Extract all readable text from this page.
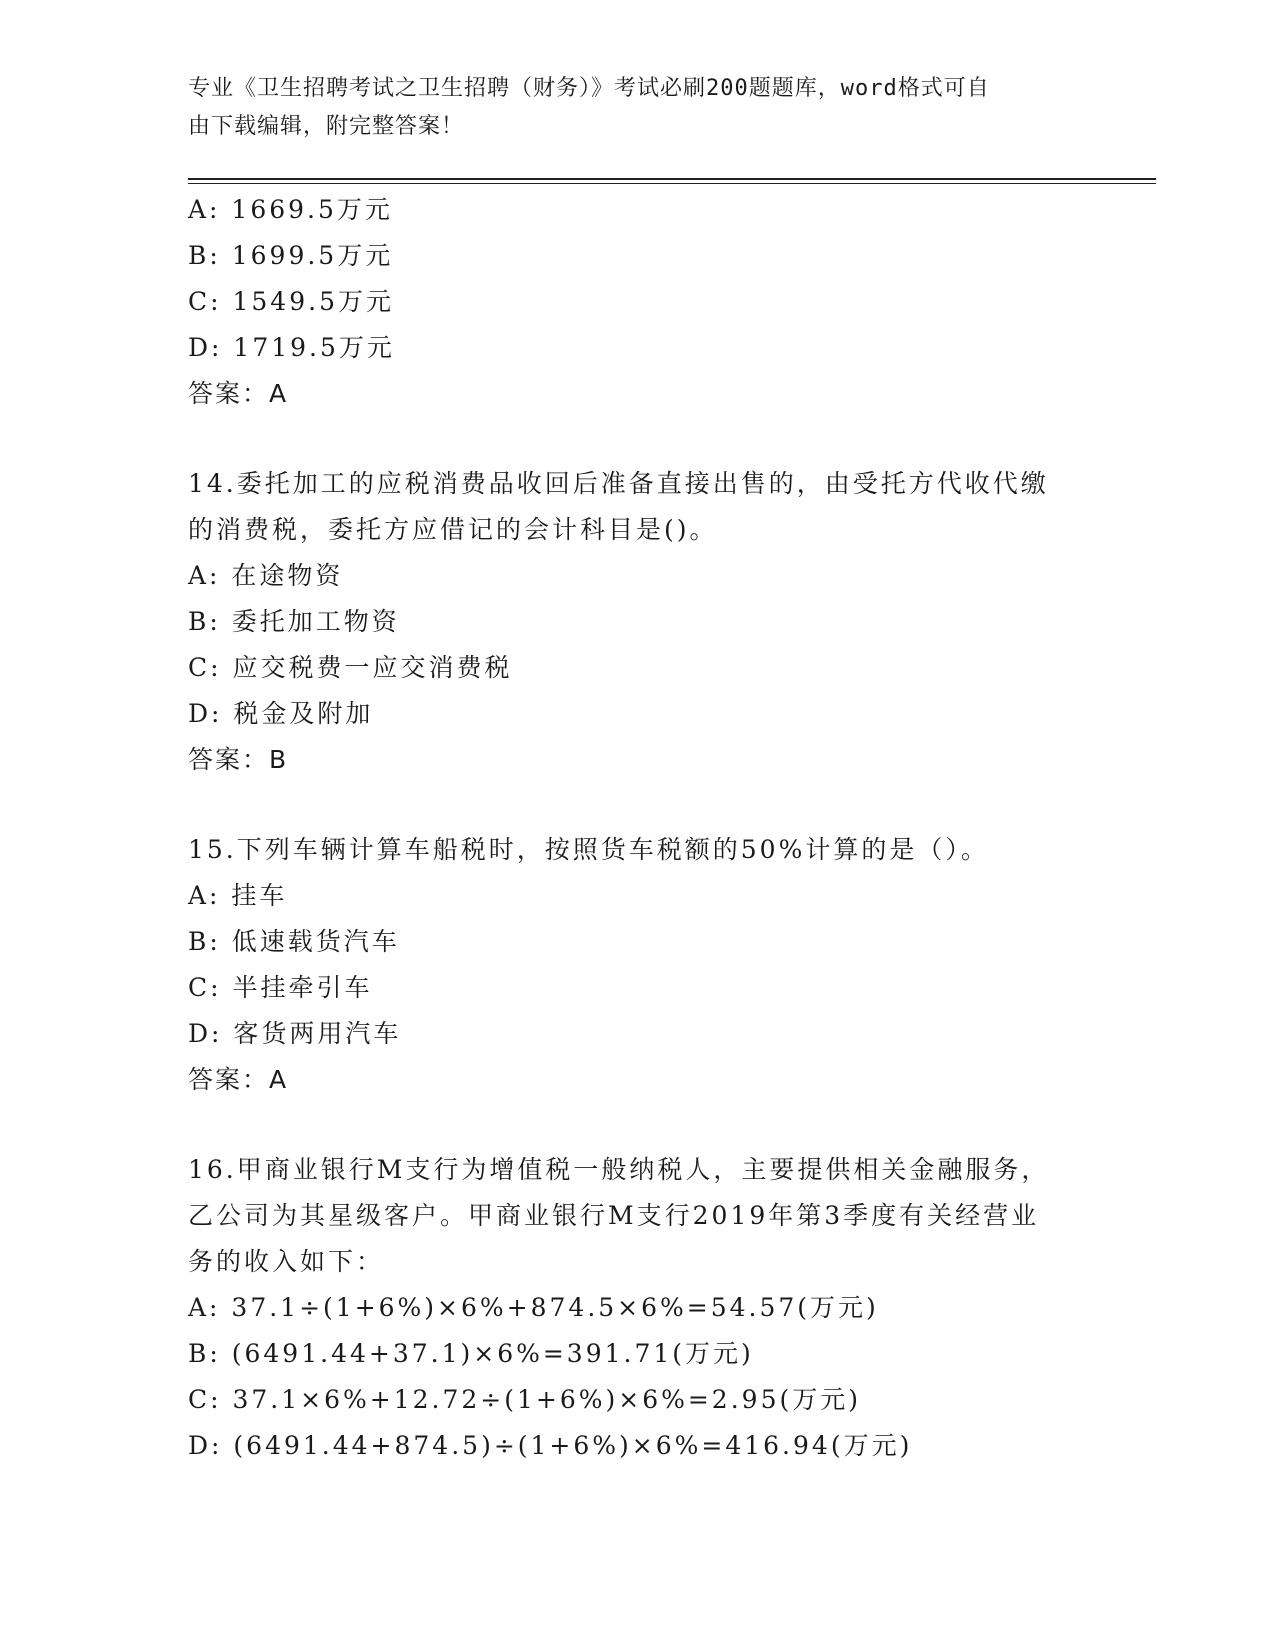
专业《卫生招聘考试之卫生招聘（财务）》考试必刷200题题库，word格式可自
由下载编辑，附完整答案！
A: 1669.5万元
B: 1699.5万元
C: 1549.5万元
D: 1719.5万元
答案：A
14.委托加工的应税消费品收回后准备直接出售的，由受托方代收代缴
的消费税，委托方应借记的会计科目是()。
A: 在途物资
B: 委托加工物资
C: 应交税费一应交消费税
D: 税金及附加
答案：B
15.下列车辆计算车船税时，按照货车税额的50%计算的是（）。
A: 挂车
B: 低速载货汽车
C: 半挂牵引车
D: 客货两用汽车
答案：A
16.甲商业银行M支行为增值税一般纳税人，主要提供相关金融服务，
乙公司为其星级客户。甲商业银行M支行2019年第3季度有关经营业
务的收入如下：
A: 37.1÷(1+6%)×6%+874.5×6%=54.57(万元)
B: (6491.44+37.1)×6%=391.71(万元)
C: 37.1×6%+12.72÷(1+6%)×6%=2.95(万元)
D: (6491.44+874.5)÷(1+6%)×6%=416.94(万元)
